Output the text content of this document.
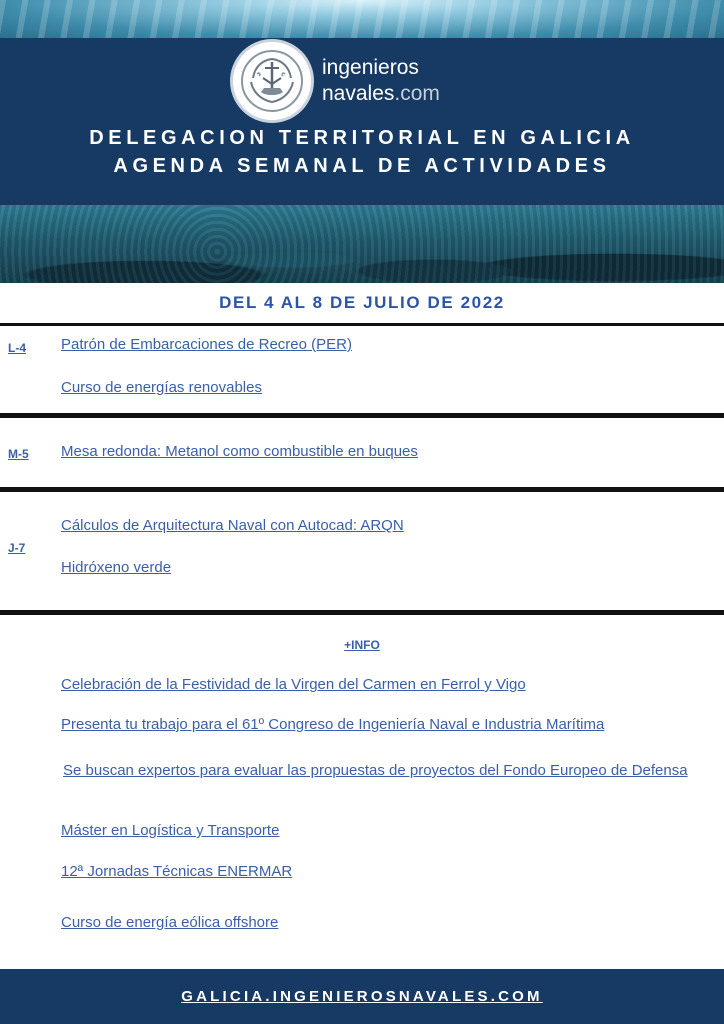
ingenieros
navales.com
DELEGACION TERRITORIAL EN GALICIA
AGENDA SEMANAL DE ACTIVIDADES
DEL 4 AL 8 DE JULIO DE 2022
L-4 Patrón de Embarcaciones de Recreo (PER)
Curso de energías renovables
M-5 Mesa redonda: Metanol como combustible en buques
J-7
Cálculos de Arquitectura Naval con Autocad: ARQN
Hidróxeno verde
+INFO
Celebración de la Festividad de la Virgen del Carmen en Ferrol y Vigo
Presenta tu trabajo para el 61º Congreso de Ingeniería Naval e Industria Marítima
Se buscan expertos para evaluar las propuestas de proyectos del Fondo Europeo de Defensa
Máster en Logística y Transporte
12ª Jornadas Técnicas ENERMAR
Curso de energía eólica offshore
GALICIA.INGENIEROSNAVALES.COM
